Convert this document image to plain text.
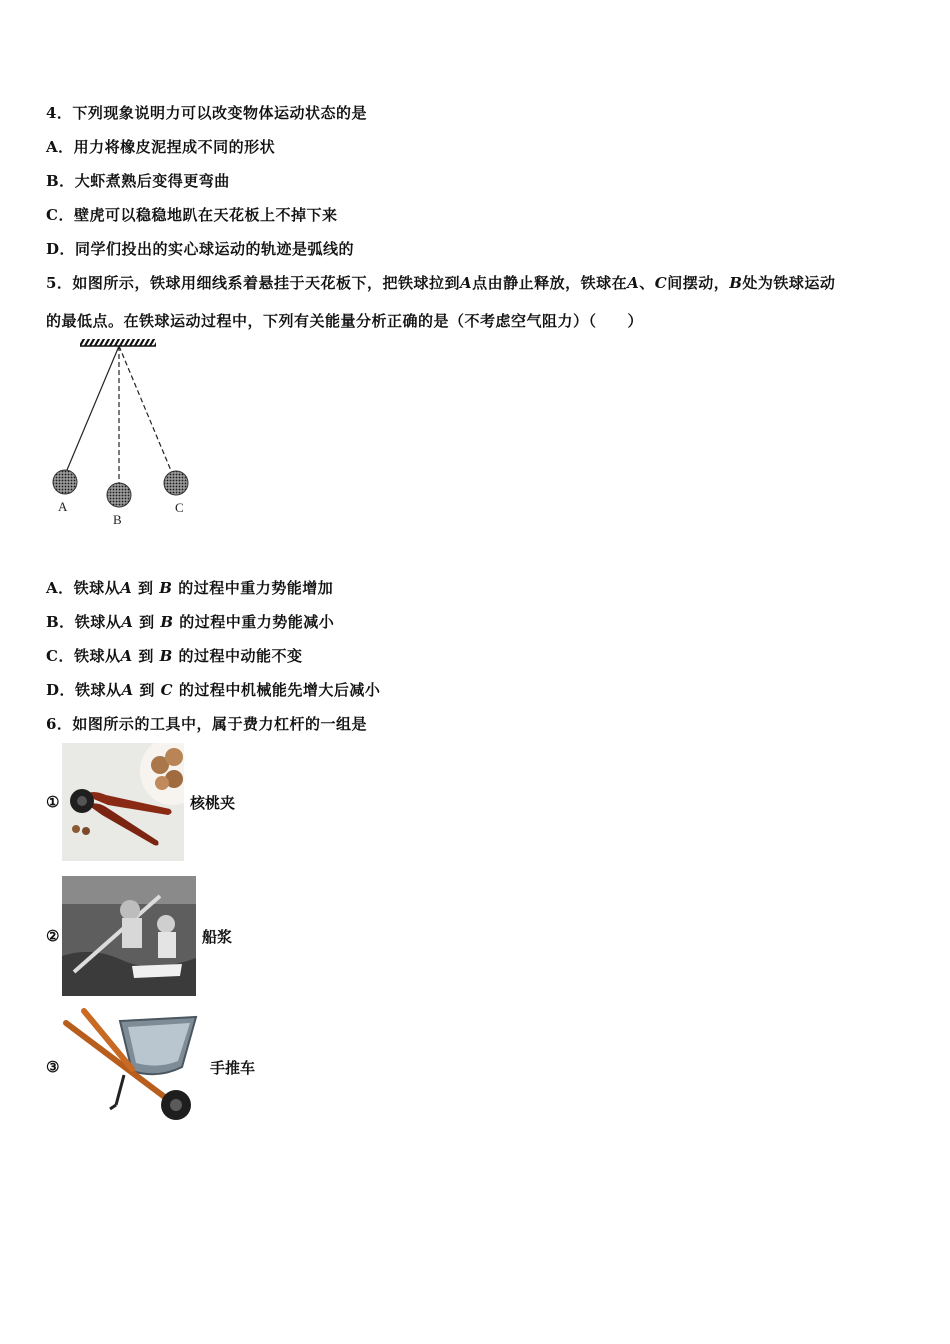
4．下列现象说明力可以改变物体运动状态的是
A．用力将橡皮泥捏成不同的形状
B．大虾煮熟后变得更弯曲
C．壁虎可以稳稳地趴在天花板上不掉下来
D．同学们投出的实心球运动的轨迹是弧线的
5．如图所示，铁球用细线系着悬挂于天花板下，把铁球拉到A点由静止释放，铁球在A、C间摆动，B处为铁球运动
的最低点。在铁球运动过程中，下列有关能量分析正确的是（不考虑空气阻力）（　　）
A
B
C
A．铁球从A 到 B 的过程中重力势能增加
B．铁球从A 到 B 的过程中重力势能减小
C．铁球从A 到 B 的过程中动能不变
D．铁球从A 到 C 的过程中机械能先增大后减小
6．如图所示的工具中，属于费力杠杆的一组是
①	核桃夹
②	船浆
③	手推车
